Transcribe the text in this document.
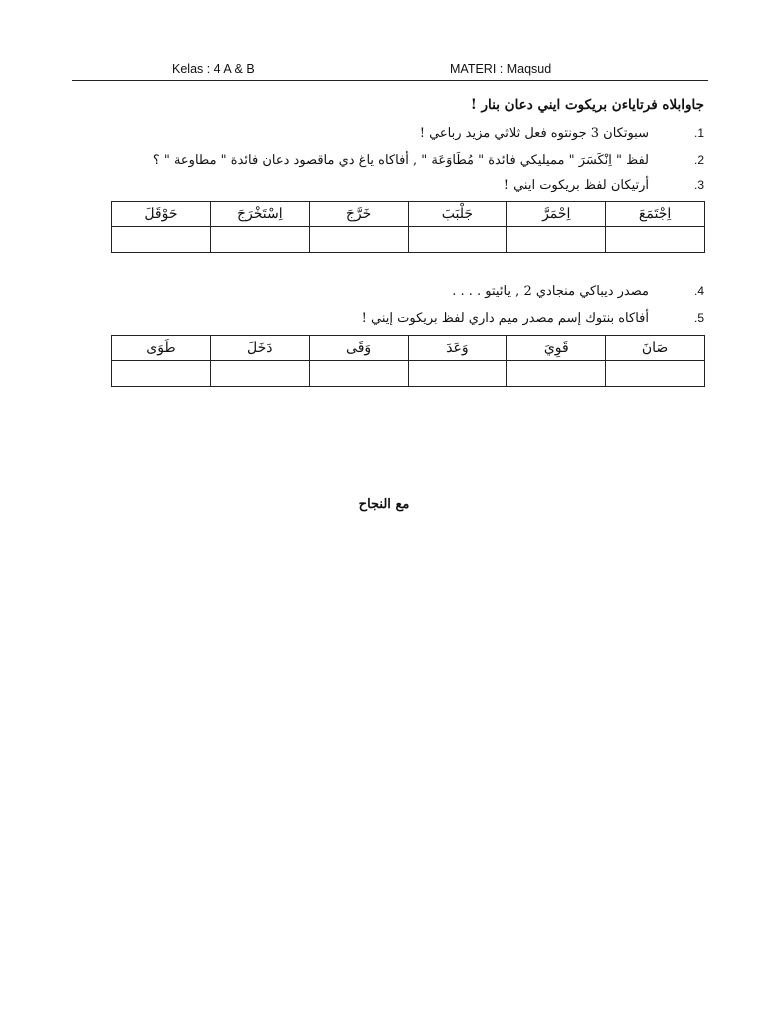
Kelas : 4 A & B	MATERI : Maqsud
جاوابلاه فرتاياءن بريكوت ايني دعان بنار !
.1
سبوتكان 3 جونتوه فعل ثلاثي مزيد رباعي !
.2
لفظ " اِنْكَسَرَ " مميليكي فائدة " مُطَاوَعَة " , أفاكاه ياغ دي ماقصود دعان فائدة " مطاوعة " ؟
.3
أرتيكان لفظ بريكوت ايني !
اِجْتَمَعَ	اِحْمَرَّ	جَلْبَبَ	خَرَّجَ	اِسْتَخْرَجَ	حَوْقَلَ

.4
مصدر ديباكي منجادي 2 , يائيتو . . . .
.5
أفاكاه بنتوك إسم مصدر ميم داري لفظ بريكوت إيني !
صَانَ	قَوِيَ	وَعَدَ	وَقَى	دَخَلَ	طَوَى

مع النجاح
